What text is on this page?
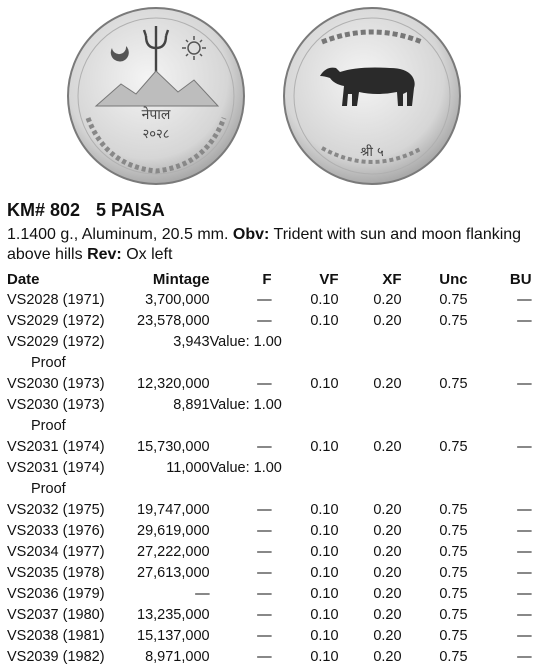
नेपाल
२०२८
श्री ५
KM# 802 5 PAISA
1.1400 g., Aluminum, 20.5 mm. Obv: Trident with sun and moon flanking above hills Rev: Ox left
Date	Mintage	F	VF	XF	Unc	BU
VS2028 (1971)	3,700,000	—	0.10	0.20	0.75	—
VS2029 (1972)	23,578,000	—	0.10	0.20	0.75	—
VS2029 (1972)
Proof	3,943	Value: 1.00				
VS2030 (1973)	12,320,000	—	0.10	0.20	0.75	—
VS2030 (1973)
Proof	8,891	Value: 1.00				
VS2031 (1974)	15,730,000	—	0.10	0.20	0.75	—
VS2031 (1974)
Proof	11,000	Value: 1.00				
VS2032 (1975)	19,747,000	—	0.10	0.20	0.75	—
VS2033 (1976)	29,619,000	—	0.10	0.20	0.75	—
VS2034 (1977)	27,222,000	—	0.10	0.20	0.75	—
VS2035 (1978)	27,613,000	—	0.10	0.20	0.75	—
VS2036 (1979)	—	—	0.10	0.20	0.75	—
VS2037 (1980)	13,235,000	—	0.10	0.20	0.75	—
VS2038 (1981)	15,137,000	—	0.10	0.20	0.75	—
VS2039 (1982)	8,971,000	—	0.10	0.20	0.75	—
